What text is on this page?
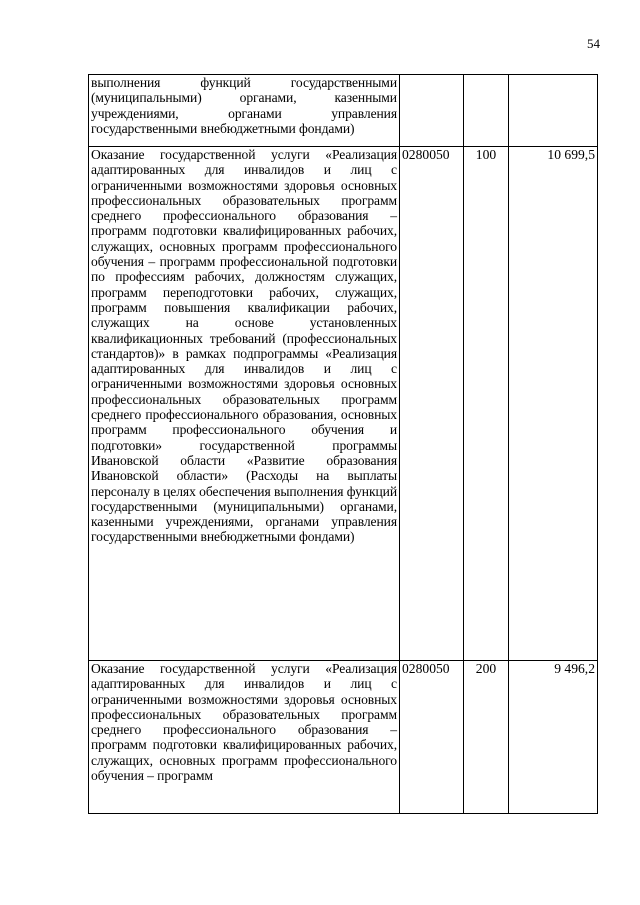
54
выполнения функций государственными (муниципальными) органами, казенными учреждениями, органами управления государственными внебюджетными фондами)			
Оказание государственной услуги «Реализация адаптированных для инвалидов и лиц с ограниченными возможностями здоровья основных профессиональных образовательных программ среднего профессионального образования – программ подготовки квалифицированных рабочих, служащих, основных программ профессионального обучения – программ профессиональной подготовки по профессиям рабочих, должностям служащих, программ переподготовки рабочих, служащих, программ повышения квалификации рабочих, служащих на основе установленных квалификационных требований (профессиональных стандартов)» в рамках подпрограммы «Реализация адаптированных для инвалидов и лиц с ограниченными возможностями здоровья основных профессиональных образовательных программ среднего профессионального образования, основных программ профессионального обучения и подготовки» государственной программы Ивановской области «Развитие образования Ивановской области» (Расходы на выплаты персоналу в целях обеспечения выполнения функций государственными (муниципальными) органами, казенными учреждениями, органами управления государственными внебюджетными фондами)	0280050	100	10 699,5
Оказание государственной услуги «Реализация адаптированных для инвалидов и лиц с ограниченными возможностями здоровья основных профессиональных образовательных программ среднего профессионального образования – программ подготовки квалифицированных рабочих, служащих, основных программ профессионального обучения – программ	0280050	200	9 496,2
